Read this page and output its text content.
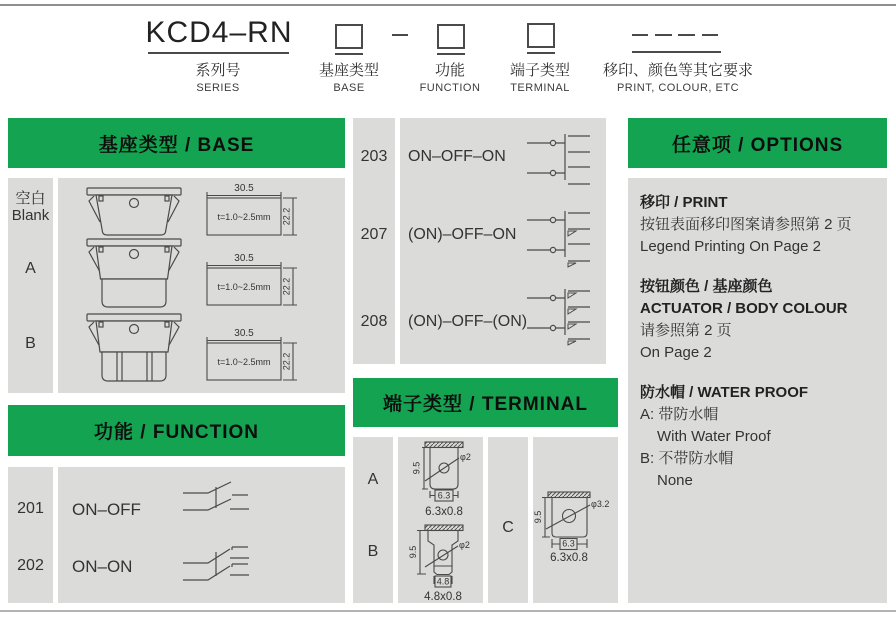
KCD4–RN
系列号
SERIES
基座类型
BASE
功能
FUNCTION
端子类型
TERMINAL
移印、颜色等其它要求
PRINT, COLOUR, ETC
基座类型 / BASE
功能 / FUNCTION
端子类型 / TERMINAL
任意项 / OPTIONS
空白
Blank
A
B
30.5
t=1.0~2.5mm 22.2
30.5
t=1.0~2.5mm 22.2
30.5
t=1.0~2.5mm 22.2
201
202
ON–OFF
ON–ON
203
207
208
ON–OFF–ON
(ON)–OFF–ON
(ON)–OFF–(ON)
A
B
C
9.5
φ2
6.3
6.3x0.8
9.5
φ2
4.8
4.8x0.8
9.5
φ3.2
6.3
6.3x0.8
移印 / PRINT
按钮表面移印图案请参照第 2 页
Legend Printing On Page 2
按钮颜色 / 基座颜色
ACTUATOR / BODY COLOUR
请参照第 2 页
On Page 2
防水帽 / WATER PROOF
A: 带防水帽
With Water Proof
B: 不带防水帽
None
